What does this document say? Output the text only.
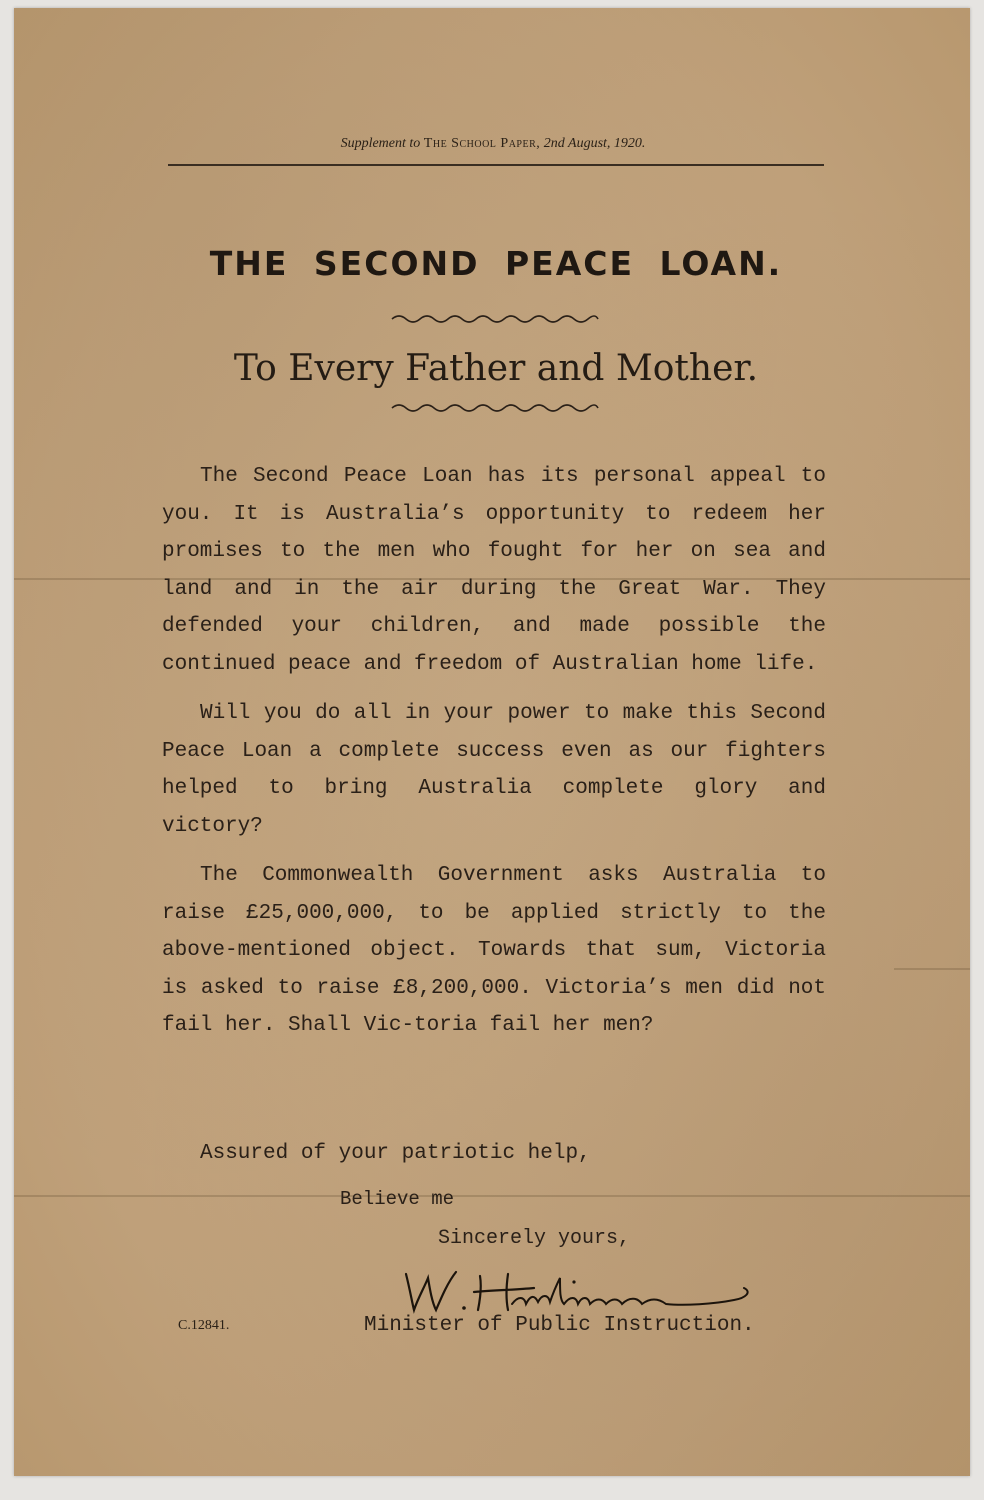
Supplement to The School Paper, 2nd August, 1920.
THE SECOND PEACE LOAN.
To Every Father and Mother.

The Second Peace Loan has its personal appeal to you. It is Australia’s opportunity to redeem her promises to the men who fought for her on sea and land and in the air during the Great War. They defended your children, and made possible the continued peace and freedom of Australian home life.

Will you do all in your power to make this Second Peace Loan a complete success even as our fighters helped to bring Australia complete glory and victory?

The Commonwealth Government asks Australia to raise £25,000,000, to be applied strictly to the above-mentioned object. Towards that sum, Victoria is asked to raise £8,200,000. Victoria’s men did not fail her. Shall Vic-toria fail her men?

Assured of your patriotic help,
Believe me
Sincerely yours,
C.12841.	Minister of Public Instruction.
